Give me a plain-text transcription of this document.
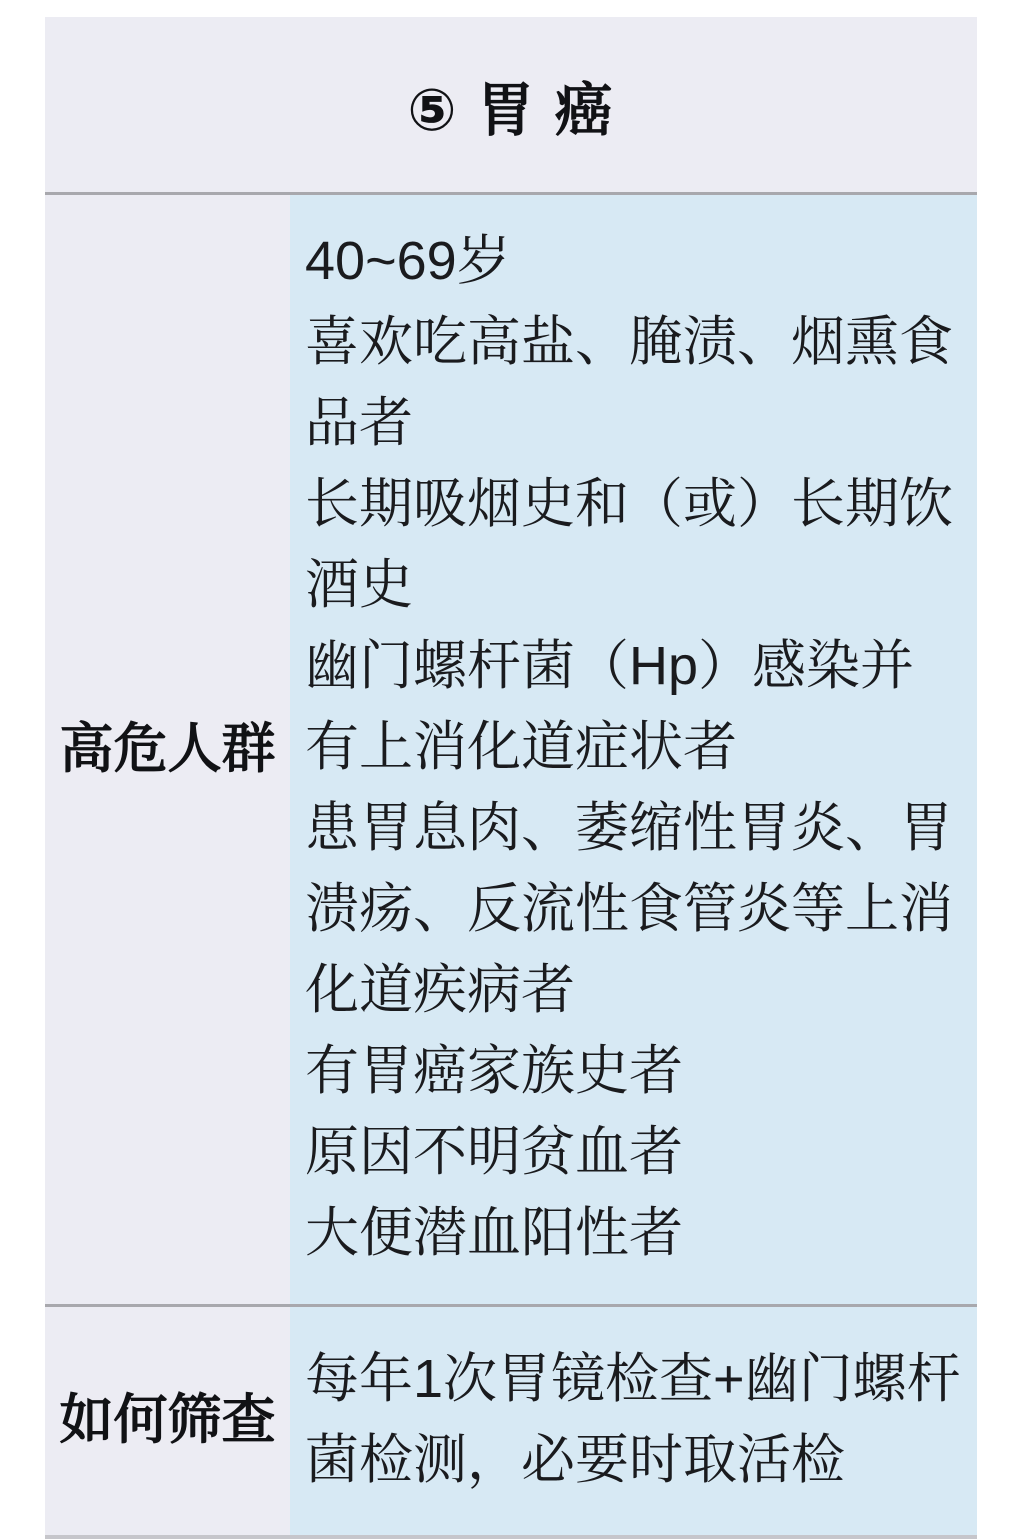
⑤ 胃 癌
高危人群
40~69岁
喜欢吃高盐、腌渍、烟熏食品者
长期吸烟史和（或）长期饮酒史
幽门螺杆菌（Hp）感染并有上消化道症状者
患胃息肉、萎缩性胃炎、胃溃疡、反流性食管炎等上消化道疾病者
有胃癌家族史者
原因不明贫血者
大便潜血阳性者
如何筛查
每年1次胃镜检查+幽门螺杆菌检测，必要时取活检
